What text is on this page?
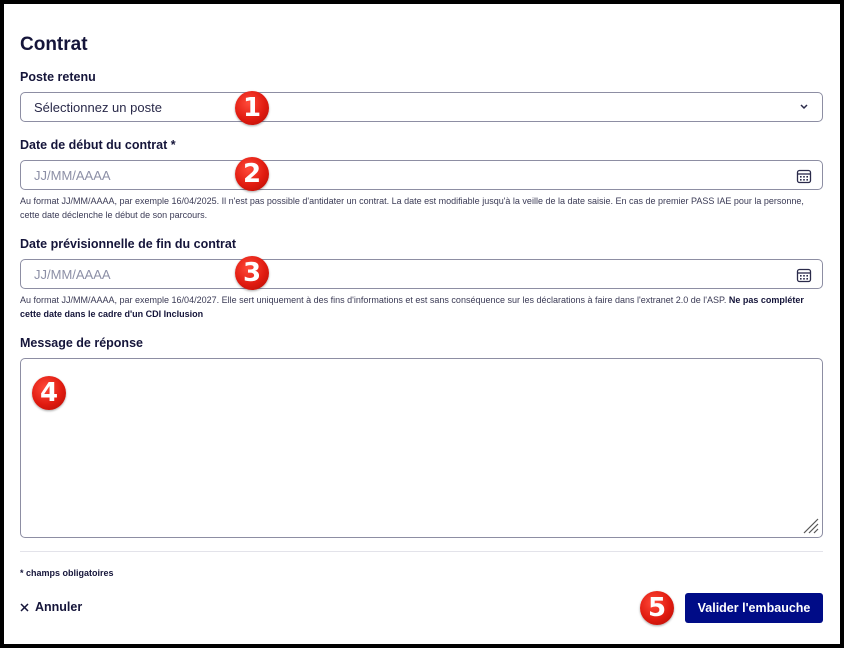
Contrat
Poste retenu
Sélectionnez un poste
Date de début du contrat *
JJ/MM/AAAA
Au format JJ/MM/AAAA, par exemple 16/04/2025. Il n'est pas possible d'antidater un contrat. La date est modifiable jusqu'à la veille de la date saisie. En cas de premier PASS IAE pour la personne, cette date déclenche le début de son parcours.
Date prévisionnelle de fin du contrat
JJ/MM/AAAA
Au format JJ/MM/AAAA, par exemple 16/04/2027. Elle sert uniquement à des fins d'informations et est sans conséquence sur les déclarations à faire dans l'extranet 2.0 de l'ASP. Ne pas compléter cette date dans le cadre d'un CDI Inclusion
Message de réponse
* champs obligatoires
Annuler	Valider l'embauche
1
2
3
4
5
